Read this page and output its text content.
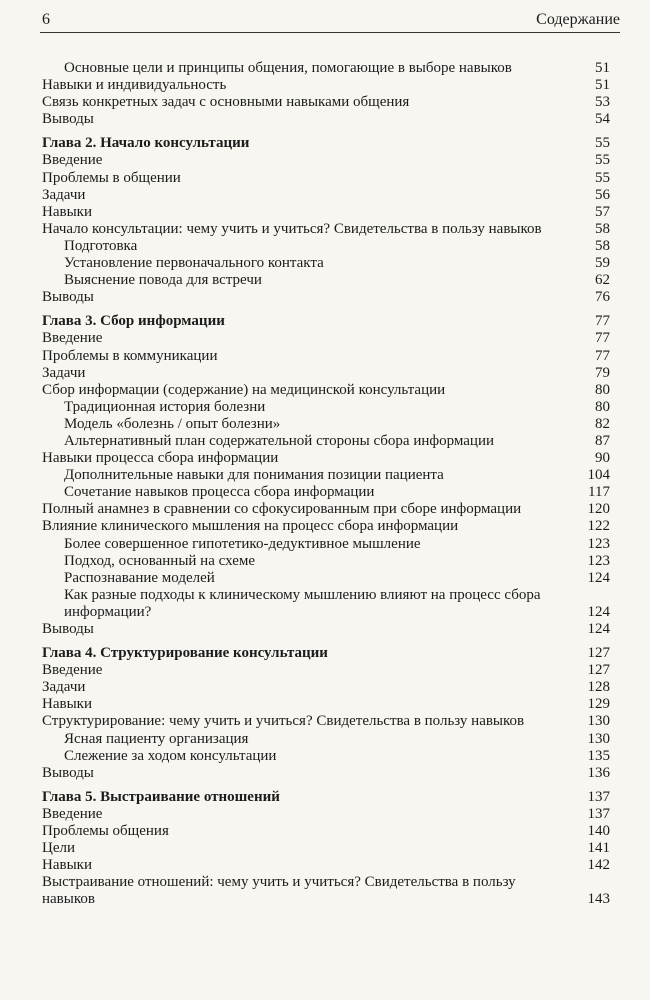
6	Содержание
Основные цели и принципы общения, помогающие в выборе навыков	51
Навыки и индивидуальность	51
Связь конкретных задач с основными навыками общения	53
Выводы	54
Глава 2. Начало консультации	55
Введение	55
Проблемы в общении	55
Задачи	56
Навыки	57
Начало консультации: чему учить и учиться? Свидетельства в пользу навыков	58
Подготовка	58
Установление первоначального контакта	59
Выяснение повода для встречи	62
Выводы	76
Глава 3. Сбор информации	77
Введение	77
Проблемы в коммуникации	77
Задачи	79
Сбор информации (содержание) на медицинской консультации	80
Традиционная история болезни	80
Модель «болезнь / опыт болезни»	82
Альтернативный план содержательной стороны сбора информации	87
Навыки процесса сбора информации	90
Дополнительные навыки для понимания позиции пациента	104
Сочетание навыков процесса сбора информации	117
Полный анамнез в сравнении со сфокусированным при сборе информации	120
Влияние клинического мышления на процесс сбора информации	122
Более совершенное гипотетико-дедуктивное мышление	123
Подход, основанный на схеме	123
Распознавание моделей	124
Как разные подходы к клиническому мышлению влияют на процесс сбора информации?	124
Выводы	124
Глава 4. Структурирование консультации	127
Введение	127
Задачи	128
Навыки	129
Структурирование: чему учить и учиться? Свидетельства в пользу навыков	130
Ясная пациенту организация	130
Слежение за ходом консультации	135
Выводы	136
Глава 5. Выстраивание отношений	137
Введение	137
Проблемы общения	140
Цели	141
Навыки	142
Выстраивание отношений: чему учить и учиться? Свидетельства в пользу навыков	143
